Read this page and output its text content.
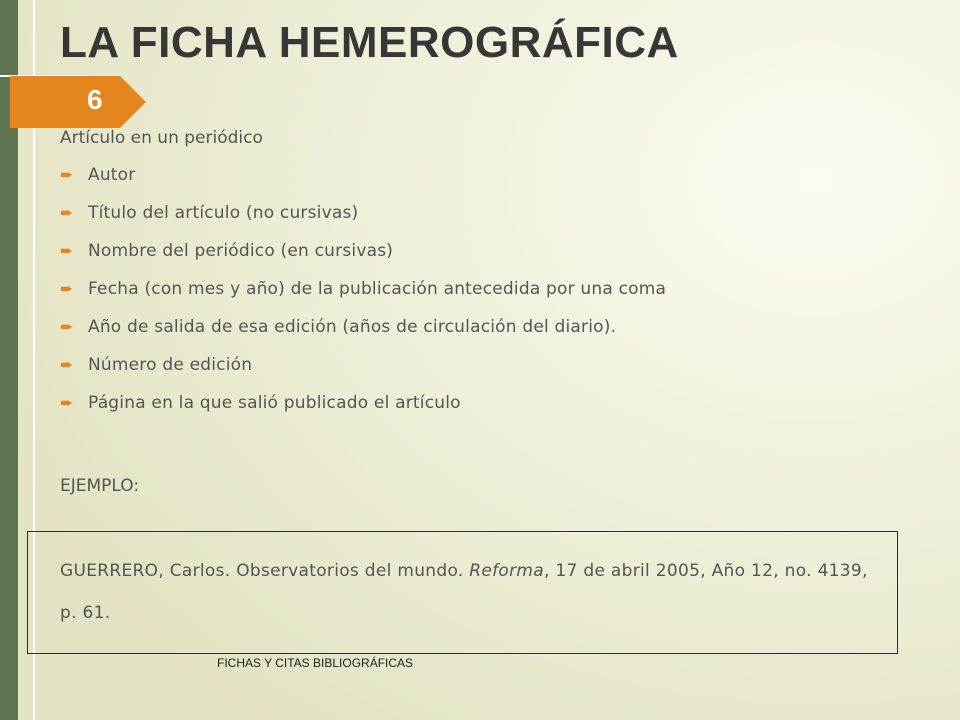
LA FICHA HEMEROGRÁFICA
6
Artículo en un periódico
➨ Autor
➨ Título del artículo (no cursivas)
➨ Nombre del periódico (en cursivas)
➨ Fecha (con mes y año) de la publicación antecedida por una coma
➨ Año de salida de esa edición (años de circulación del diario).
➨ Número de edición
➨ Página en la que salió publicado el artículo
EJEMPLO:
GUERRERO, Carlos. Observatorios del mundo. Reforma, 17 de abril 2005, Año 12, no. 4139, p. 61.
FICHAS Y CITAS BIBLIOGRÁFICAS
